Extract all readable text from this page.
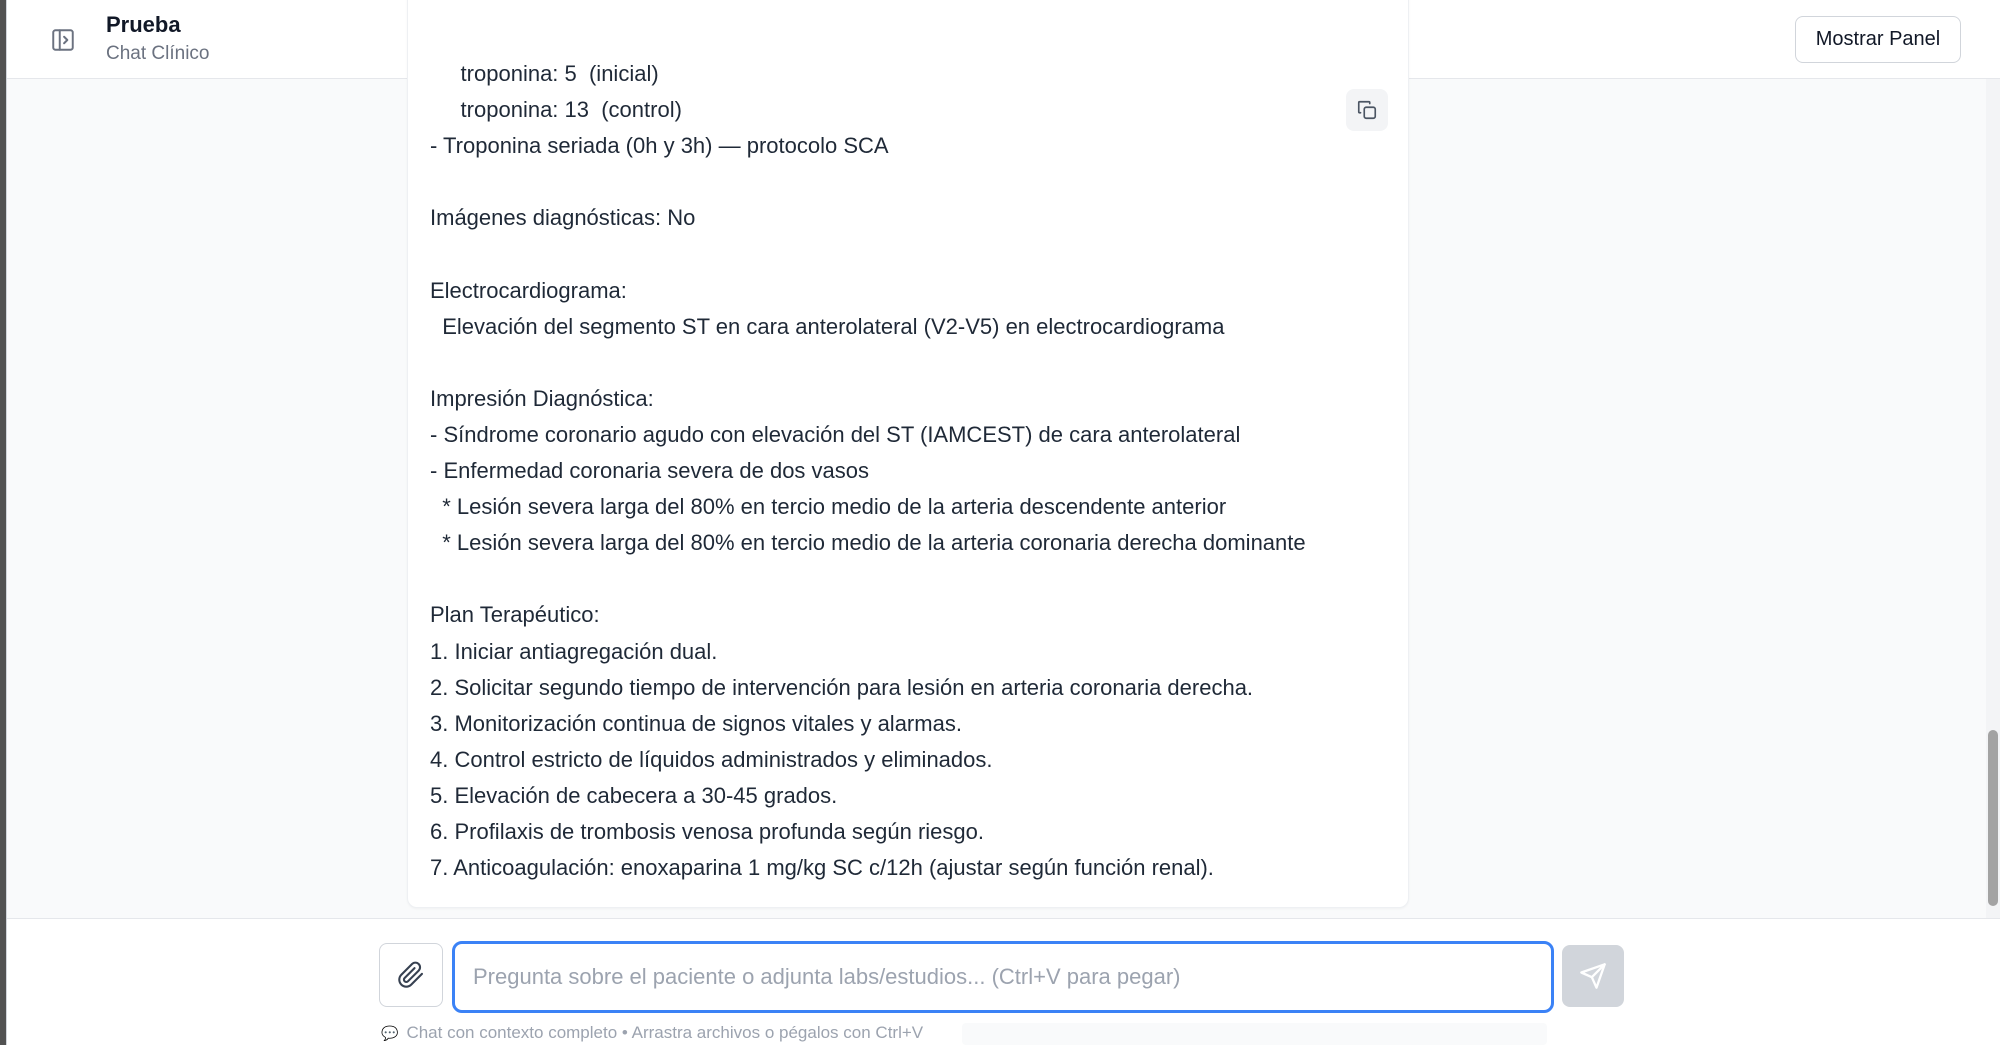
Prueba
Chat Clínico
Mostrar Panel
troponina: 5  (inicial)
troponina: 13  (control)
- Troponina seriada (0h y 3h) — protocolo SCA
Imágenes diagnósticas: No
Electrocardiograma:
Elevación del segmento ST en cara anterolateral (V2-V5) en electrocardiograma
Impresión Diagnóstica:
- Síndrome coronario agudo con elevación del ST (IAMCEST) de cara anterolateral
- Enfermedad coronaria severa de dos vasos
* Lesión severa larga del 80% en tercio medio de la arteria descendente anterior
* Lesión severa larga del 80% en tercio medio de la arteria coronaria derecha dominante
Plan Terapéutico:
1. Iniciar antiagregación dual.
2. Solicitar segundo tiempo de intervención para lesión en arteria coronaria derecha.
3. Monitorización continua de signos vitales y alarmas.
4. Control estricto de líquidos administrados y eliminados.
5. Elevación de cabecera a 30-45 grados.
6. Profilaxis de trombosis venosa profunda según riesgo.
7. Anticoagulación: enoxaparina 1 mg/kg SC c/12h (ajustar según función renal).
Pregunta sobre el paciente o adjunta labs/estudios... (Ctrl+V para pegar)
💬 Chat con contexto completo • Arrastra archivos o pégalos con Ctrl+V
